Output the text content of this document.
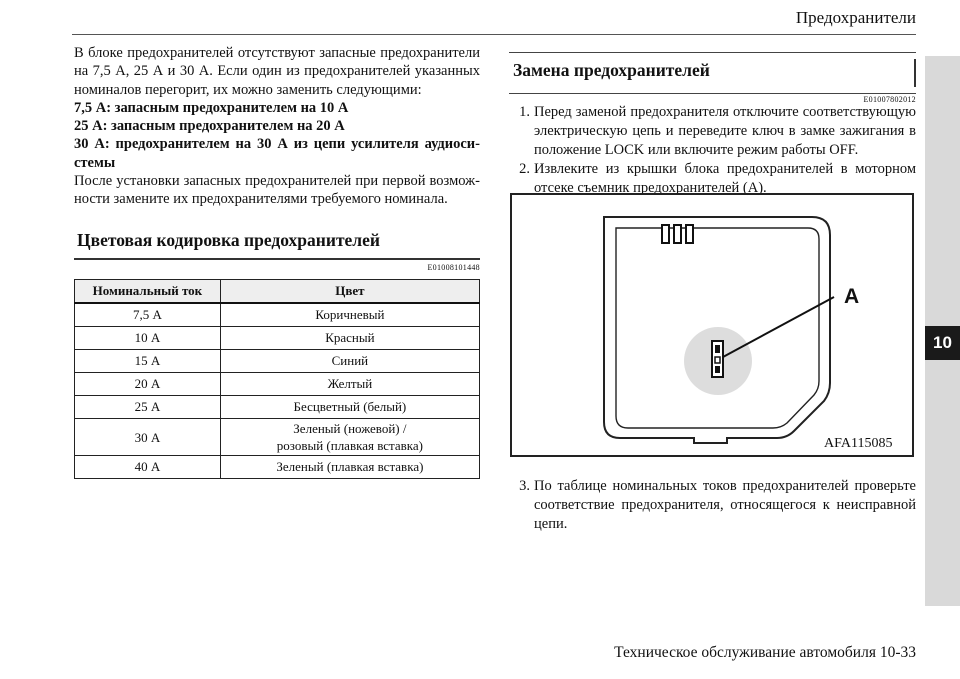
Предохранители
10

В блоке предохранителей отсутствуют запасные предохранители на 7,5 А, 25 А и 30 А. Если один из предохранителей указанных номиналов перегорит, их можно заменить следующими:

7,5 А: запасным предохранителем на 10 А

25 А: запасным предохранителем на 20 А

30 А: предохранителем на 30 А из цепи усилителя аудиоси-

стемы

После установки запасных предохранителей при первой возмож-

ности замените их предохранителями требуемого номинала.

Цветовая кодировка предохранителей
E01008101448
Номинальный ток	Цвет
7,5 А	Коричневый
10 А	Красный
15 А	Синий
20 А	Желтый
25 А	Бесцветный (белый)
30 А	Зеленый (ножевой) /
розовый (плавкая вставка)

40 А	Зеленый (плавкая вставка)
Замена предохранителей
E01007802012
1. Перед заменой предохранителя отключите соответствующую электрическую цепь и переведите ключ в замке зажигания в положение LOCK или включите режим работы OFF.
2. Извлеките из крышки блока предохранителей в моторном отсеке съемник предохранителей (A).
A
AFA115085
3. По таблице номинальных токов предохранителей проверьте соответствие предохранителя, относящегося к неисправной цепи.
Техническое обслуживание автомобиля 10-33
